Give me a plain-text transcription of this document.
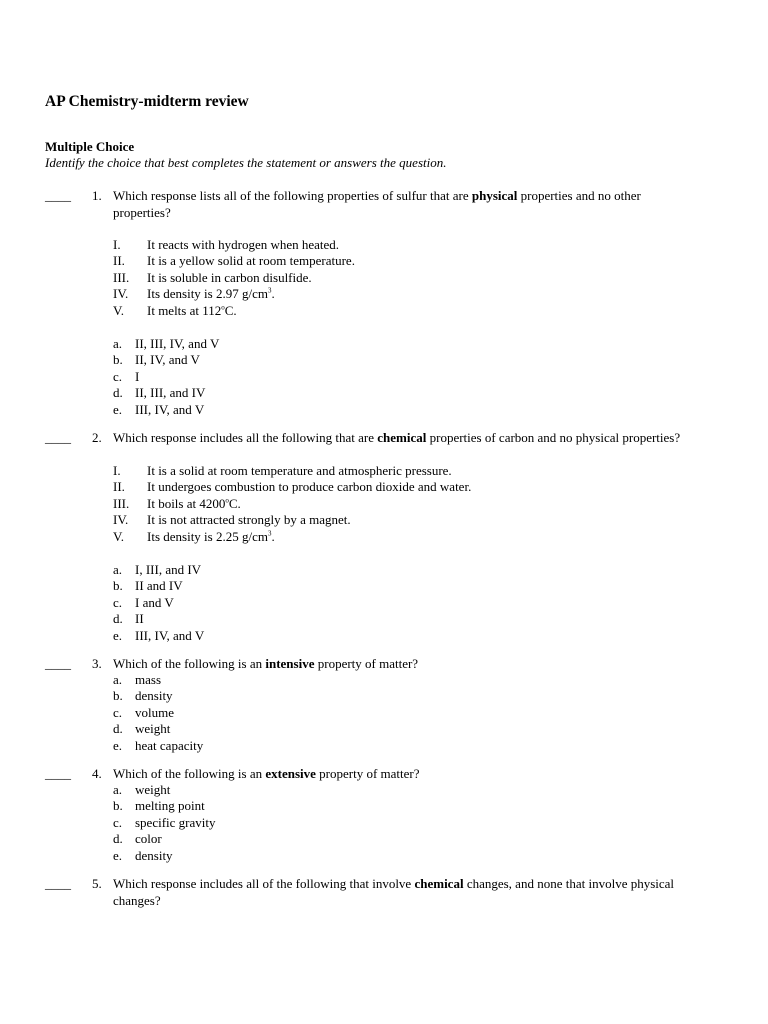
AP Chemistry-midterm review
Multiple Choice
Identify the choice that best completes the statement or answers the question.
____ 1. Which response lists all of the following properties of sulfur that are physical properties and no other
properties?
I. It reacts with hydrogen when heated.
II. It is a yellow solid at room temperature.
III. It is soluble in carbon disulfide.
IV. Its density is 2.97 $g/cm^3$.
V. It melts at 112$^o$C.
a. II, III, IV, and V
b. II, IV, and V
c. I
d. II, III, and IV
e. III, IV, and V
____ 2. Which response includes all the following that are chemical properties of carbon and no physical properties?
I. It is a solid at room temperature and atmospheric pressure.
II. It undergoes combustion to produce carbon dioxide and water.
III. It boils at 4200$^o$C.
IV. It is not attracted strongly by a magnet.
V. Its density is 2.25 $g/cm^3$.
a. I, III, and IV
b. II and IV
c. I and V
d. II
e. III, IV, and V
____ 3. Which of the following is an intensive property of matter?
a. mass
b. density
c. volume
d. weight
e. heat capacity
____ 4. Which of the following is an extensive property of matter?
a. weight
b. melting point
c. specific gravity
d. color
e. density
____ 5. Which response includes all of the following that involve chemical changes, and none that involve physical
changes?
